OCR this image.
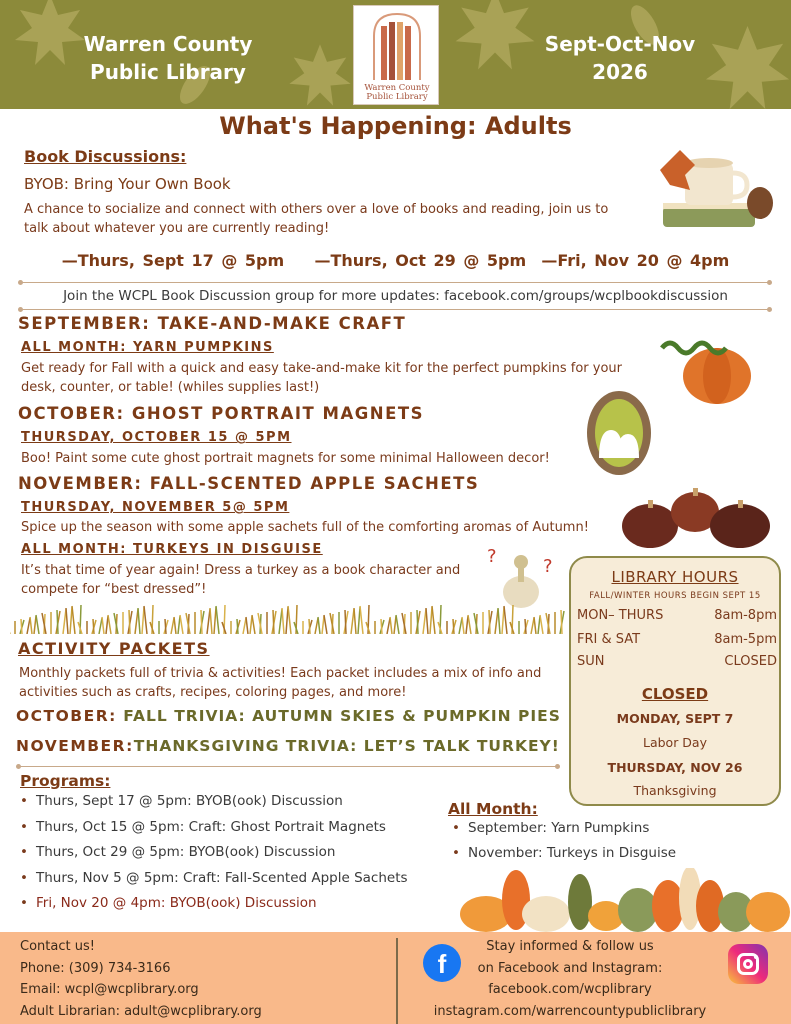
Warren County
Public Library
Sept-Oct-Nov
2026
Warren County
Public Library
What's Happening: Adults
Book Discussions:
BYOB: Bring Your Own Book
A chance to socialize and connect with others over a love of books and reading, join us to
talk about whatever you are currently reading!
—Thurs, Sept 17 @ 5pm    —Thurs, Oct 29 @ 5pm  —Fri, Nov 20 @ 4pm
Join the WCPL Book Discussion group for more updates: facebook.com/groups/wcplbookdiscussion
SEPTEMBER: TAKE-AND-MAKE CRAFT
ALL MONTH: YARN PUMPKINS
Get ready for Fall with a quick and easy take-and-make kit for the perfect pumpkins for your
desk, counter, or table! (whiles supplies last!)
OCTOBER: GHOST PORTRAIT MAGNETS
THURSDAY, OCTOBER 15 @ 5PM
Boo! Paint some cute ghost portrait magnets for some minimal Halloween decor!
NOVEMBER: FALL-SCENTED APPLE SACHETS
THURSDAY, NOVEMBER 5@ 5PM
Spice up the season with some apple sachets full of the comforting aromas of Autumn!
ALL MONTH: TURKEYS IN DISGUISE
It’s that time of year again! Dress a turkey as a book character and
compete for “best dressed”!
?	?	LIBRARY HOURS
FALL/WINTER HOURS BEGIN SEPT 15
MON– THURS	8am-8pm
FRI & SAT	8am-5pm
SUN	CLOSED
CLOSED
MONDAY, SEPT 7
Labor Day
THURSDAY, NOV 26
Thanksgiving
ACTIVITY PACKETS
Monthly packets full of trivia & activities! Each packet includes a mix of info and
activities such as crafts, recipes, coloring pages, and more!
OCTOBER: FALL TRIVIA: AUTUMN SKIES & PUMPKIN PIES
NOVEMBER:THANKSGIVING TRIVIA: LET’S TALK TURKEY!
Programs:
• Thurs, Sept 17 @ 5pm: BYOB(ook) Discussion
• Thurs, Oct 15 @ 5pm: Craft: Ghost Portrait Magnets
• Thurs, Oct 29 @ 5pm: BYOB(ook) Discussion
• Thurs, Nov 5 @ 5pm: Craft: Fall-Scented Apple Sachets
• Fri, Nov 20 @ 4pm: BYOB(ook) Discussion
All Month:
• September: Yarn Pumpkins
• November: Turkeys in Disguise
Contact us!
Phone: (309) 734-3166
Email: wcpl@wcplibrary.org
Adult Librarian: adult@wcplibrary.org
Stay informed & follow us
on Facebook and Instagram:
facebook.com/wcplibrary
instagram.com/warrencountypubliclibrary
f
